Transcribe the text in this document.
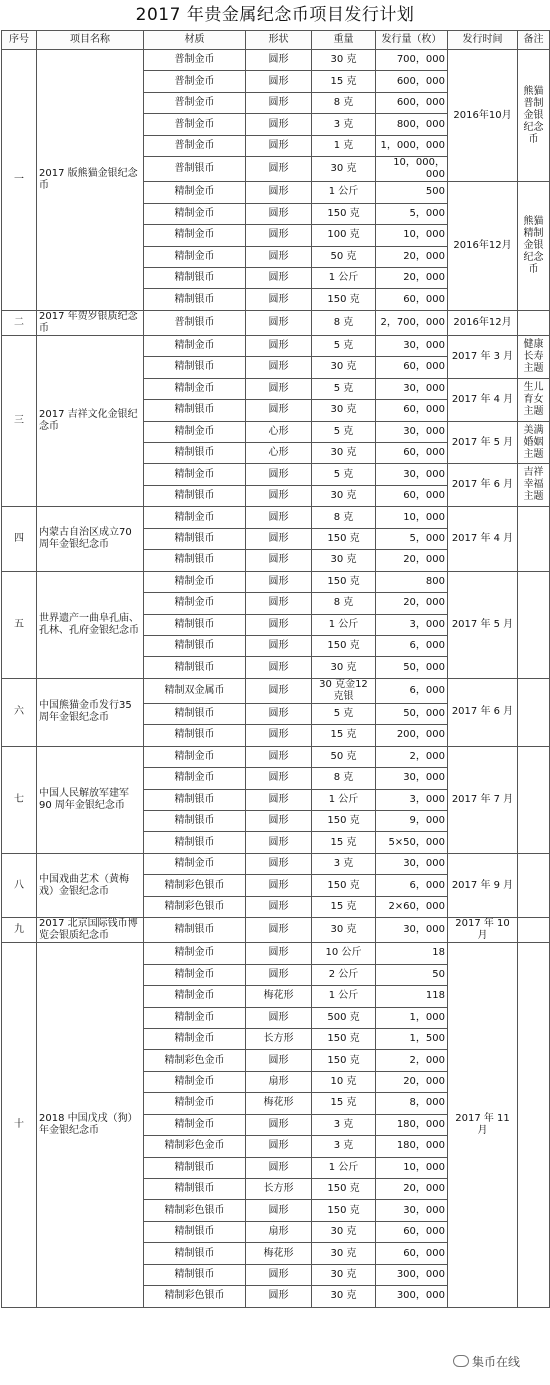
2017 年贵金属纪念币项目发行计划
序号	项目名称	材质	形状	重量	发行量（枚）	发行时间	备注
一	2017 版熊猫金银纪念币	普制金币	圆形	30 克	700，000	2016年10月	熊猫普制金银纪念币
		普制金币	圆形	15 克	600，000		
		普制金币	圆形	8 克	600，000		
		普制金币	圆形	3 克	800，000		
		普制金币	圆形	1 克	1，000，000		
		普制银币	圆形	30 克	10，000，000		
		精制金币	圆形	1 公斤	500	2016年12月	熊猫精制金银纪念币
		精制金币	圆形	150 克	5，000		
		精制金币	圆形	100 克	10，000		
		精制金币	圆形	50 克	20，000		
		精制银币	圆形	1 公斤	20，000		
		精制银币	圆形	150 克	60，000		
二	2017 年贺岁银质纪念币	普制银币	圆形	8 克	2，700，000	2016年12月	
三	2017 吉祥文化金银纪念币	精制金币	圆形	5 克	30，000	2017 年 3 月	健康长寿主题
		精制银币	圆形	30 克	60，000		
		精制金币	圆形	5 克	30，000	2017 年 4 月	生儿育女主题
		精制银币	圆形	30 克	60，000		
		精制金币	心形	5 克	30，000	2017 年 5 月	美满婚姻主题
		精制银币	心形	30 克	60，000		
		精制金币	圆形	5 克	30，000	2017 年 6 月	吉祥幸福主题
		精制银币	圆形	30 克	60，000		
四	内蒙古自治区成立70 周年金银纪念币	精制金币	圆形	8 克	10，000	2017 年 4 月	
		精制银币	圆形	150 克	5，000		
		精制银币	圆形	30 克	20，000		
五	世界遗产一曲阜孔庙、孔林、孔府金银纪念币	精制金币	圆形	150 克	800	2017 年 5 月	
		精制金币	圆形	8 克	20，000		
		精制银币	圆形	1 公斤	3，000		
		精制银币	圆形	150 克	6，000		
		精制银币	圆形	30 克	50，000		
六	中国熊猫金币发行35 周年金银纪念币	精制双金属币	圆形	30 克金12 克银	6，000	2017 年 6 月	
		精制银币	圆形	5 克	50，000		
		精制银币	圆形	15 克	200，000		
七	中国人民解放军建军 90 周年金银纪念币	精制金币	圆形	50 克	2，000	2017 年 7 月	
		精制金币	圆形	8 克	30，000		
		精制银币	圆形	1 公斤	3，000		
		精制银币	圆形	150 克	9，000		
		精制银币	圆形	15 克	5×50，000		
八	中国戏曲艺术（黄梅戏）金银纪念币	精制金币	圆形	3 克	30，000	2017 年 9 月	
		精制彩色银币	圆形	150 克	6，000		
		精制彩色银币	圆形	15 克	2×60，000		
九	2017 北京国际钱币博览会银质纪念币	精制银币	圆形	30 克	30，000	2017 年 10 月	
十	2018 中国戊戌（狗）年金银纪念币	精制金币	圆形	10 公斤	18	2017 年 11 月	
		精制金币	圆形	2 公斤	50		
		精制金币	梅花形	1 公斤	118		
		精制金币	圆形	500 克	1，000		
		精制金币	长方形	150 克	1，500		
		精制彩色金币	圆形	150 克	2，000		
		精制金币	扇形	10 克	20，000		
		精制金币	梅花形	15 克	8，000		
		精制金币	圆形	3 克	180，000		
		精制彩色金币	圆形	3 克	180，000		
		精制银币	圆形	1 公斤	10，000		
		精制银币	长方形	150 克	20，000		
		精制彩色银币	圆形	150 克	30，000		
		精制银币	扇形	30 克	60，000		
		精制银币	梅花形	30 克	60，000		
		精制银币	圆形	30 克	300，000		
		精制彩色银币	圆形	30 克	300，000		
集币在线
